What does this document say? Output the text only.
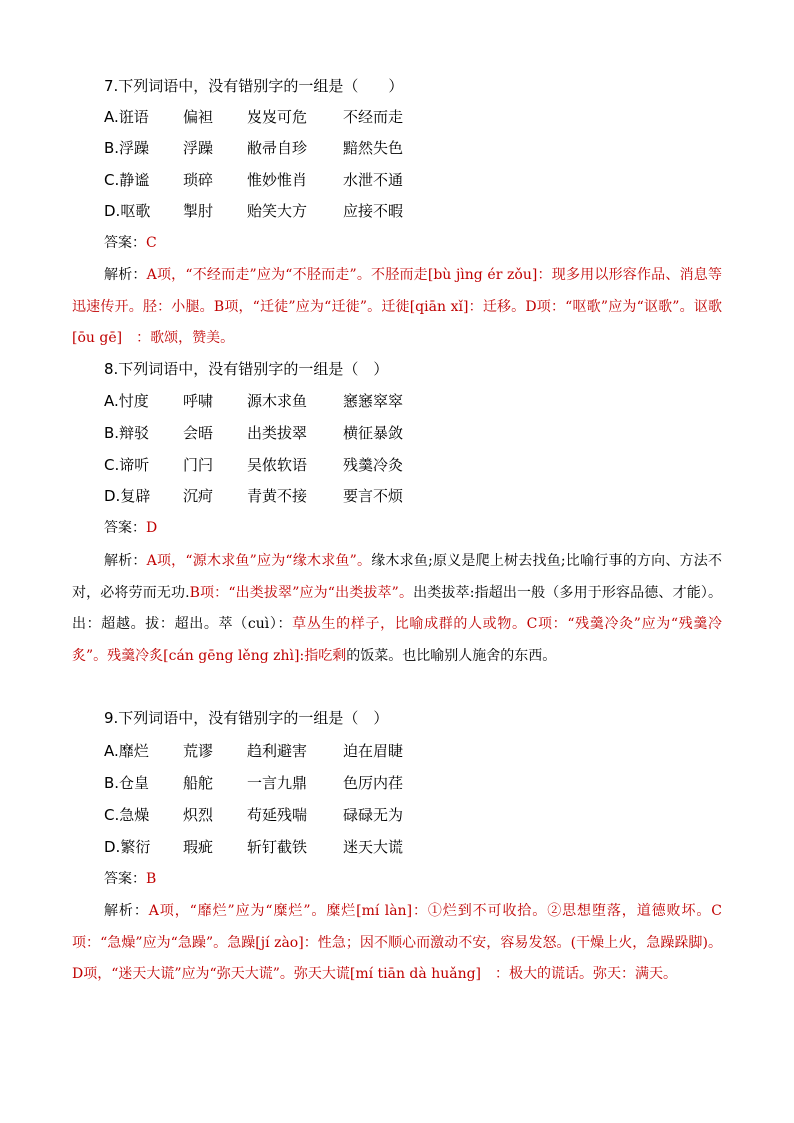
7.下列词语中，没有错别字的一组是（　　）
A.诳语 偏袒 岌岌可危 不经而走
B.浮躁 浮躁 敝帚自珍 黯然失色
C.静谧 琐碎 惟妙惟肖 水泄不通
D.呕歌 掣肘 贻笑大方 应接不暇
答案：C
解析：A项，“不经而走”应为“不胫而走”。不胫而走[bù jìng ér zǒu]：现多用以形容作品、消息等迅速传开。胫：小腿。B项，“迁徒”应为“迁徙”。迁徙[qiān xǐ]：迁移。D项：“呕歌”应为“讴歌”。讴歌[ōu gē]　：歌颂，赞美。
8.下列词语中，没有错别字的一组是（　）
A.忖度 呼啸 源木求鱼 窸窸窣窣
B.辩驳 会晤 出类拔翠 横征暴敛
C.谛听 门闩 吴侬软语 残羹冷灸
D.复辟 沉疴 青黄不接 要言不烦
答案：D
解析：A项，“源木求鱼”应为“缘木求鱼”。缘木求鱼;原义是爬上树去找鱼;比喻行事的方向、方法不对，必将劳而无功.B项：“出类拔翠”应为“出类拔萃”。出类拔萃:指超出一般（多用于形容品德、才能）。出：超越。拔：超出。萃（cuì）：草丛生的样子，比喻成群的人或物。C项：“残羹冷灸”应为“残羹冷炙”。残羹冷炙[cán gēng lěng zhì]:指吃剩的饭菜。也比喻别人施舍的东西。
9.下列词语中，没有错别字的一组是（　）
A.靡烂 荒谬 趋利避害 迫在眉睫
B.仓皇 船舵 一言九鼎 色厉内荏
C.急燥 炽烈 苟延残喘 碌碌无为
D.繁衍 瑕疵 斩钉截铁 迷天大谎
答案：B
解析：A项，“靡烂”应为“糜烂”。糜烂[mí làn]：①烂到不可收拾。②思想堕落，道德败坏。C项：“急燥”应为“急躁”。急躁[jí zào]：性急；因不顺心而激动不安，容易发怒。(干燥上火，急躁跺脚)。D项，“迷天大谎”应为“弥天大谎”。弥天大谎[mí tiān dà huǎng]　：极大的谎话。弥天：满天。
